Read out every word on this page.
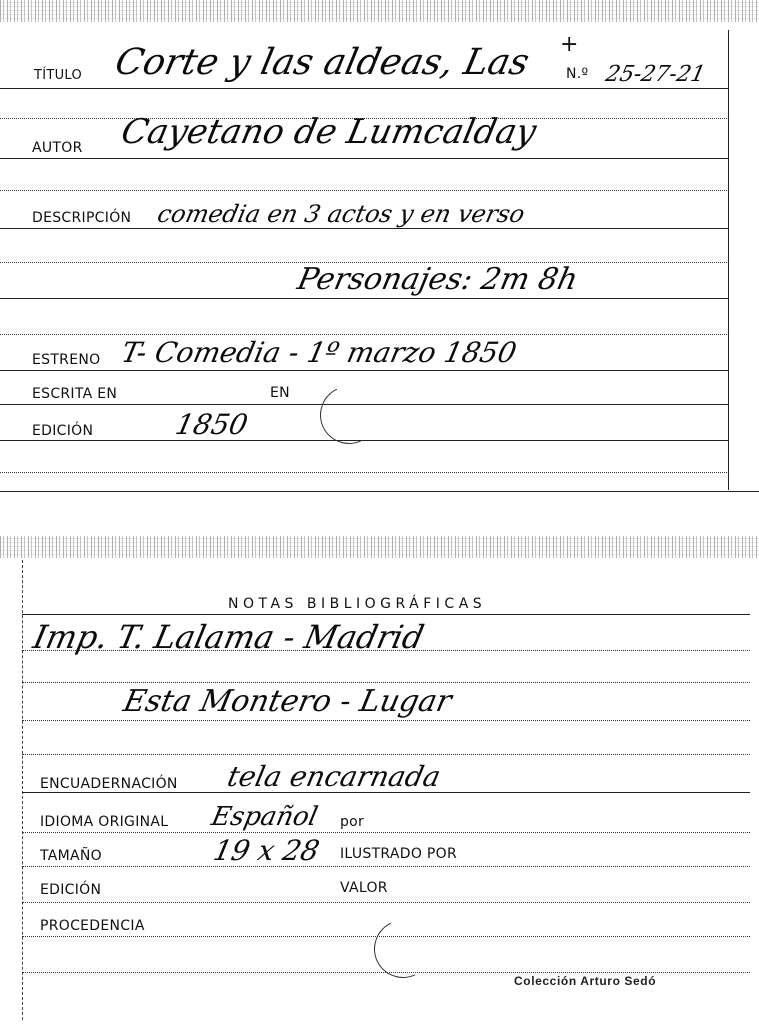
+
TÍTULO Corte y las aldeas, Las N.º 25-27-21
AUTOR Cayetano de Lumcalday
DESCRIPCIÓN comedia en 3 actos y en verso
Personajes: 2m 8h
ESTRENO T- Comedia - 1º marzo 1850
ESCRITA EN	EN
EDICIÓN	1850
NOTAS BIBLIOGRÁFICAS
Imp. T. Lalama - Madrid
Esta Montero - Lugar
ENCUADERNACIÓN tela encarnada
IDIOMA ORIGINAL Español por
TAMAÑO	19 x 28 ILUSTRADO POR
EDICIÓN	VALOR
PROCEDENCIA
Colección Arturo Sedó
